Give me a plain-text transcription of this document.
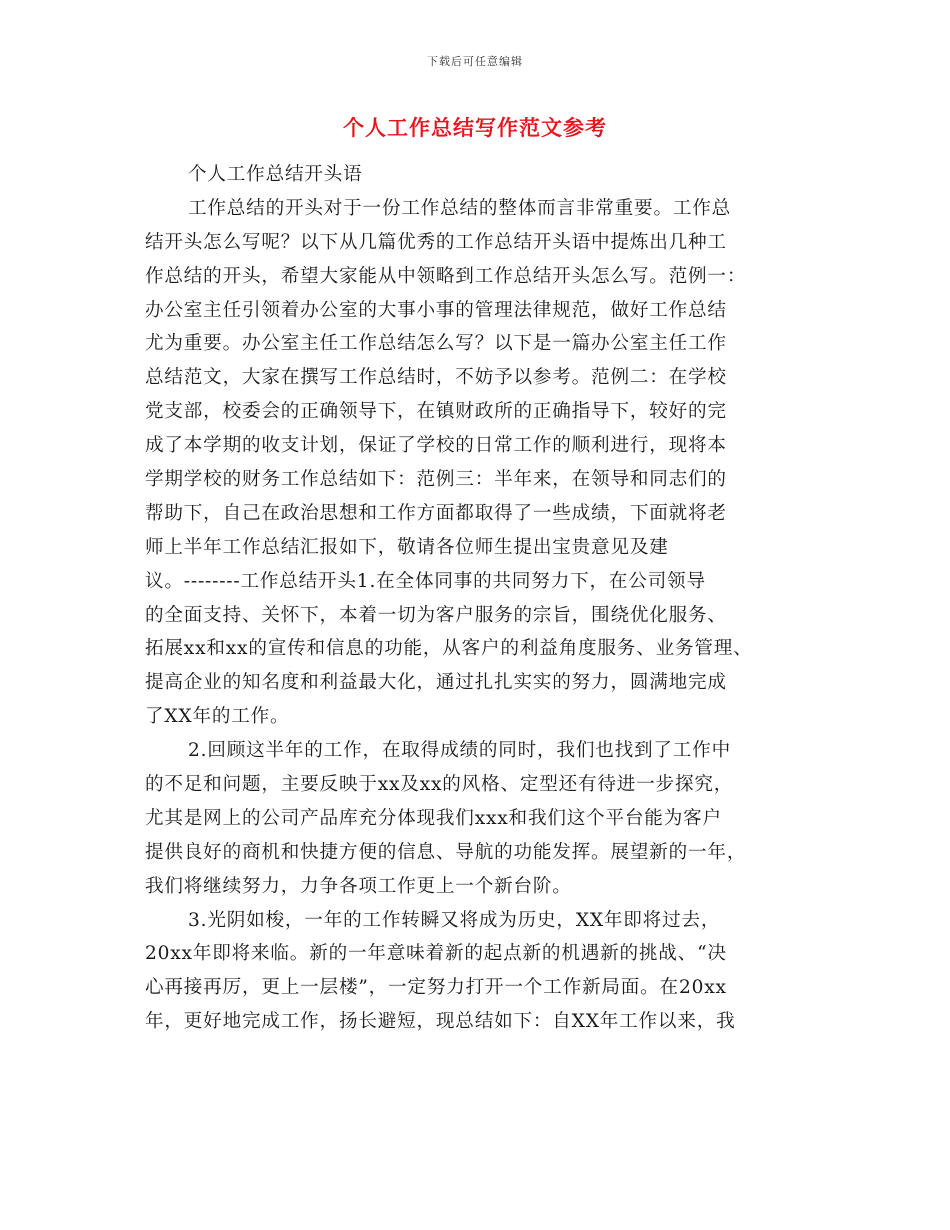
下载后可任意编辑
个人工作总结写作范文参考
个人工作总结开头语
工作总结的开头对于一份工作总结的整体而言非常重要。工作总
结开头怎么写呢？以下从几篇优秀的工作总结开头语中提炼出几种工
作总结的开头，希望大家能从中领略到工作总结开头怎么写。范例一：
办公室主任引领着办公室的大事小事的管理法律规范，做好工作总结
尤为重要。办公室主任工作总结怎么写？以下是一篇办公室主任工作
总结范文，大家在撰写工作总结时，不妨予以参考。范例二：在学校
党支部，校委会的正确领导下，在镇财政所的正确指导下，较好的完
成了本学期的收支计划，保证了学校的日常工作的顺利进行，现将本
学期学校的财务工作总结如下：范例三：半年来，在领导和同志们的
帮助下，自己在政治思想和工作方面都取得了一些成绩，下面就将老
师上半年工作总结汇报如下，敬请各位师生提出宝贵意见及建
议。--------工作总结开头1.在全体同事的共同努力下，在公司领导
的全面支持、关怀下，本着一切为客户服务的宗旨，围绕优化服务、
拓展xx和xx的宣传和信息的功能，从客户的利益角度服务、业务管理、
提高企业的知名度和利益最大化，通过扎扎实实的努力，圆满地完成
了XX年的工作。
2.回顾这半年的工作，在取得成绩的同时，我们也找到了工作中
的不足和问题，主要反映于xx及xx的风格、定型还有待进一步探究，
尤其是网上的公司产品库充分体现我们xxx和我们这个平台能为客户
提供良好的商机和快捷方便的信息、导航的功能发挥。展望新的一年，
我们将继续努力，力争各项工作更上一个新台阶。
3.光阴如梭，一年的工作转瞬又将成为历史，XX年即将过去，
20xx年即将来临。新的一年意味着新的起点新的机遇新的挑战、“决
心再接再厉，更上一层楼”，一定努力打开一个工作新局面。在20xx
年，更好地完成工作，扬长避短，现总结如下：自XX年工作以来，我
